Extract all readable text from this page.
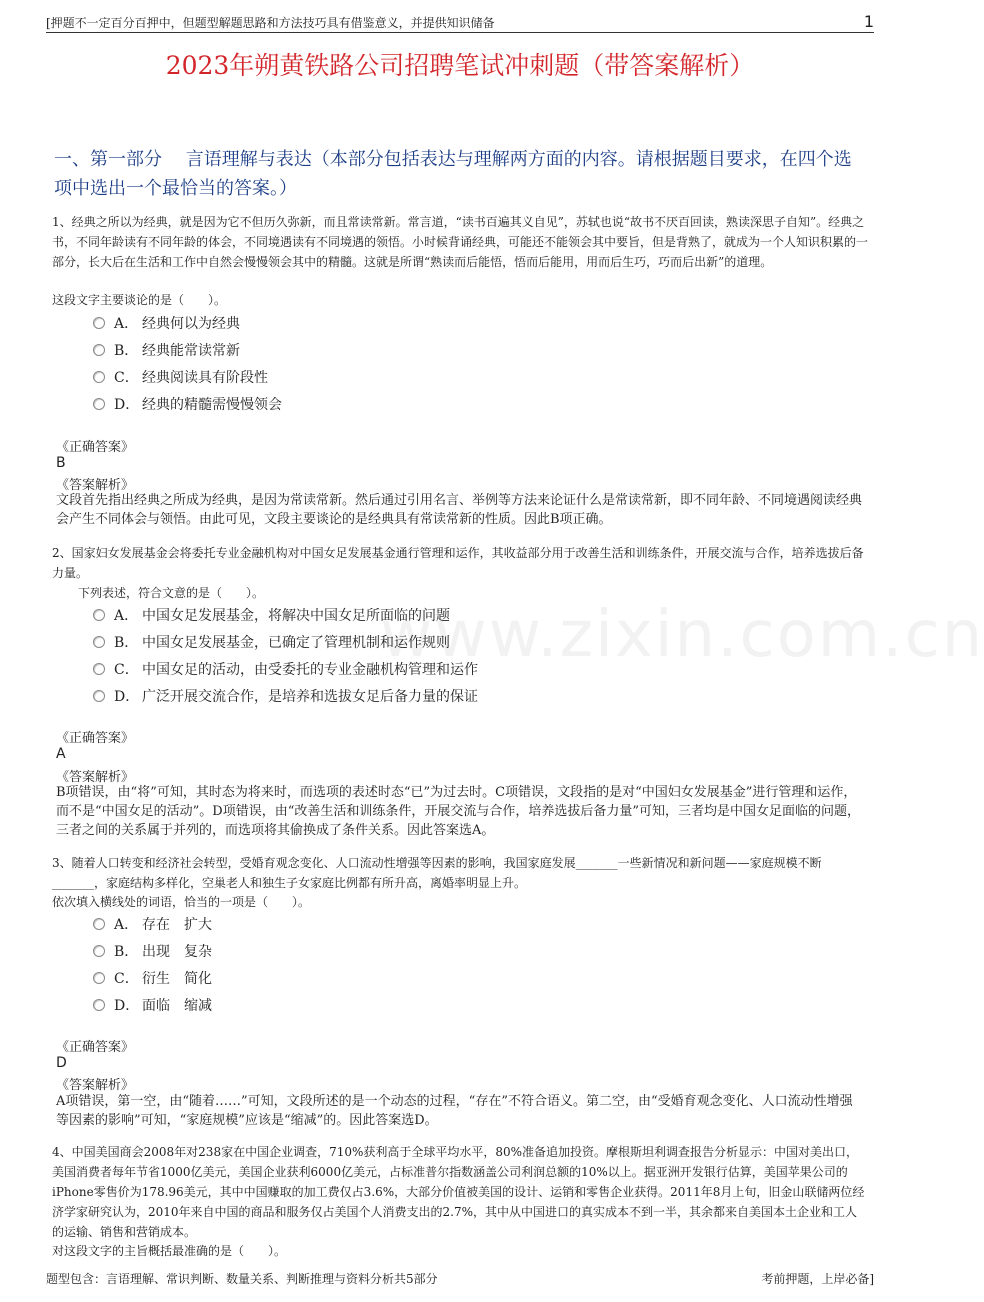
[押题不一定百分百押中，但题型解题思路和方法技巧具有借鉴意义，并提供知识储备	1
www.zixin.com.cn
2023年朔黄铁路公司招聘笔试冲刺题（带答案解析）
一、第一部分　 言语理解与表达（本部分包括表达与理解两方面的内容。请根据题目要求，在四个选项中选出一个最恰当的答案。）
1、经典之所以为经典，就是因为它不但历久弥新，而且常读常新。常言道，“读书百遍其义自见”，苏轼也说“故书不厌百回读，熟读深思子自知”。经典之书，不同年龄读有不同年龄的体会，不同境遇读有不同境遇的领悟。小时候背诵经典，可能还不能领会其中要旨，但是背熟了，就成为一个人知识积累的一部分，长大后在生活和工作中自然会慢慢领会其中的精髓。这就是所谓“熟读而后能悟，悟而后能用，用而后生巧，巧而后出新”的道理。
这段文字主要谈论的是（　　）。
A． 经典何以为经典
B． 经典能常读常新
C． 经典阅读具有阶段性
D． 经典的精髓需慢慢领会
《正确答案》
B
《答案解析》
文段首先指出经典之所成为经典，是因为常读常新。然后通过引用名言、举例等方法来论证什么是常读常新，即不同年龄、不同境遇阅读经典会产生不同体会与领悟。由此可见，文段主要谈论的是经典具有常读常新的性质。因此B项正确。
2、国家妇女发展基金会将委托专业金融机构对中国女足发展基金通行管理和运作，其收益部分用于改善生活和训练条件，开展交流与合作，培养选拔后备力量。
下列表述，符合文意的是（　　）。
A． 中国女足发展基金，将解决中国女足所面临的问题
B． 中国女足发展基金，已确定了管理机制和运作规则
C． 中国女足的活动，由受委托的专业金融机构管理和运作
D． 广泛开展交流合作，是培养和选拔女足后备力量的保证
《正确答案》
A
《答案解析》
B项错误，由“将”可知，其时态为将来时，而选项的表述时态“已”为过去时。C项错误，文段指的是对“中国妇女发展基金”进行管理和运作，而不是“中国女足的活动”。D项错误，由“改善生活和训练条件，开展交流与合作，培养选拔后备力量”可知，三者均是中国女足面临的问题，三者之间的关系属于并列的，而选项将其偷换成了条件关系。因此答案选A。
3、随着人口转变和经济社会转型，受婚育观念变化、人口流动性增强等因素的影响，我国家庭发展_______一些新情况和新问题——家庭规模不断_______，家庭结构多样化，空巢老人和独生子女家庭比例都有所升高，离婚率明显上升。
依次填入横线处的词语，恰当的一项是（　　）。
A． 存在　扩大
B． 出现　复杂
C． 衍生　简化
D． 面临　缩减
《正确答案》
D
《答案解析》
A项错误，第一空，由“随着……”可知，文段所述的是一个动态的过程，“存在”不符合语义。第二空，由“受婚育观念变化、人口流动性增强等因素的影响”可知，“家庭规模”应该是“缩减”的。因此答案选D。
4、中国美国商会2008年对238家在中国企业调查，710%获利高于全球平均水平，80%准备追加投资。摩根斯坦利调查报告分析显示：中国对美出口，美国消费者每年节省1000亿美元，美国企业获利6000亿美元，占标准普尔指数涵盖公司利润总额的10%以上。据亚洲开发银行估算，美国苹果公司的iPhone零售价为178.96美元，其中中国赚取的加工费仅占3.6%，大部分价值被美国的设计、运销和零售企业获得。2011年8月上旬，旧金山联储两位经济学家研究认为，2010年来自中国的商品和服务仅占美国个人消费支出的2.7%，其中从中国进口的真实成本不到一半，其余都来自美国本土企业和工人的运输、销售和营销成本。
对这段文字的主旨概括最准确的是（　　）。
题型包含：言语理解、常识判断、数量关系、判断推理与资料分析共5部分	考前押题，上岸必备]
